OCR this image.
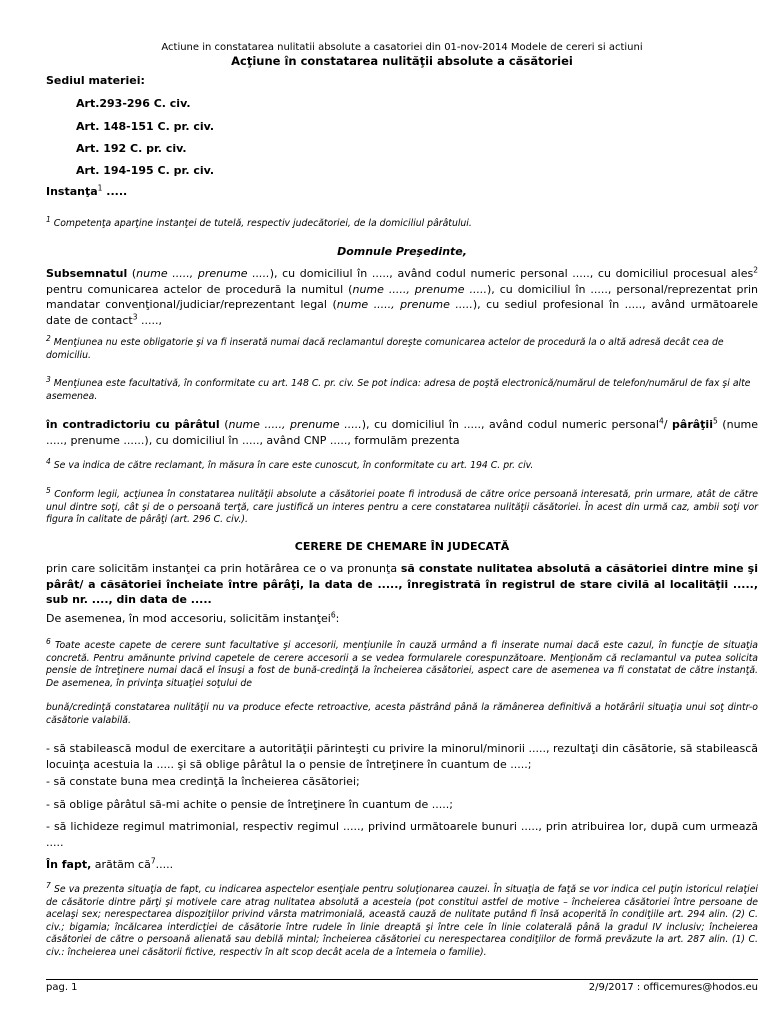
Actiune in constatarea nulitatii absolute a casatoriei din 01-nov-2014 Modele de cereri si actiuni
Acţiune în constatarea nulităţii absolute a căsătoriei
Sediul materiei:
Art.293-296 C. civ.
Art. 148-151 C. pr. civ.
Art. 192 C. pr. civ.
Art. 194-195 C. pr. civ.
Instanţa$^1$ .....
$^1$ Competenţa aparţine instanţei de tutelă, respectiv judecătoriei, de la domiciliul pârâtului.
Domnule Preşedinte,
Subsemnatul (nume ....., prenume .....), cu domiciliul în ....., având codul numeric personal ....., cu domiciliul procesual ales$^2$ pentru comunicarea actelor de procedură la numitul (nume ....., prenume .....), cu domiciliul în ....., personal/reprezentat prin mandatar convenţional/judiciar/reprezentant legal (nume ....., prenume .....), cu sediul profesional în ....., având următoarele date de contact$^3$ .....,
$^2$ Menţiunea nu este obligatorie şi va fi inserată numai dacă reclamantul doreşte comunicarea actelor de procedură la o altă adresă decât cea de domiciliu.
$^3$ Menţiunea este facultativă, în conformitate cu art. 148 C. pr. civ. Se pot indica: adresa de poştă electronică/numărul de telefon/numărul de fax şi alte asemenea.
în contradictoriu cu pârâtul (nume ....., prenume .....), cu domiciliul în ....., având codul numeric personal$^4$/ pârâţii$^5$ (nume ....., prenume ......), cu domiciliul în ....., având CNP ....., formulăm prezenta
$^4$ Se va indica de către reclamant, în măsura în care este cunoscut, în conformitate cu art. 194 C. pr. civ.
$^5$ Conform legii, acţiunea în constatarea nulităţii absolute a căsătoriei poate fi introdusă de către orice persoană interesată, prin urmare, atât de către unul dintre soţi, cât şi de o persoană terţă, care justifică un interes pentru a cere constatarea nulităţii căsătoriei. În acest din urmă caz, ambii soţi vor figura în calitate de pârâţi (art. 296 C. civ.).
CERERE DE CHEMARE ÎN JUDECATĂ
prin care solicităm instanţei ca prin hotărârea ce o va pronunţa să constate nulitatea absolută a căsătoriei dintre mine şi pârât/ a căsătoriei încheiate între pârâţi, la data de ....., înregistrată în registrul de stare civilă al localităţii ....., sub nr. ...., din data de .....
De asemenea, în mod accesoriu, solicităm instanţei$^6$:
$^6$ Toate aceste capete de cerere sunt facultative şi accesorii, menţiunile în cauză urmând a fi inserate numai dacă este cazul, în funcţie de situaţia concretă. Pentru amănunte privind capetele de cerere accesorii a se vedea formularele corespunzătoare. Menţionăm că reclamantul va putea solicita pensie de întreţinere numai dacă el însuşi a fost de bună-credinţă la încheierea căsătoriei, aspect care de asemenea va fi constatat de către instanţă. De asemenea, în privinţa situaţiei soţului de
bună/credinţă constatarea nulităţii nu va produce efecte retroactive, acesta păstrând până la rămânerea definitivă a hotărârii situaţia unui soţ dintr-o căsătorie valabilă.
- să stabilească modul de exercitare a autorităţii părinteşti cu privire la minorul/minorii ....., rezultaţi din căsătorie, să stabilească locuinţa acestuia la ..... şi să oblige pârâtul la o pensie de întreţinere în cuantum de .....;
- să constate buna mea credinţă la încheierea căsătoriei;
- să oblige pârâtul să-mi achite o pensie de întreţinere în cuantum de .....;
- să lichideze regimul matrimonial, respectiv regimul ....., privind următoarele bunuri ....., prin atribuirea lor, după cum urmează .....
În fapt, arătăm $că^7$.....
$^7$ Se va prezenta situaţia de fapt, cu indicarea aspectelor esenţiale pentru soluţionarea cauzei. În situaţia de faţă se vor indica cel puţin istoricul relaţiei de căsătorie dintre părţi şi motivele care atrag nulitatea absolută a acesteia (pot constitui astfel de motive – încheierea căsătoriei între persoane de acelaşi sex; nerespectarea dispoziţiilor privind vârsta matrimonială, această cauză de nulitate putând fi însă acoperită în condiţiile art. 294 alin. (2) C. civ.; bigamia; încălcarea interdicţiei de căsătorie între rudele în linie dreaptă şi între cele în linie colaterală până la gradul IV inclusiv; încheierea căsătoriei de către o persoană alienată sau debilă mintal; încheierea căsătoriei cu nerespectarea condiţiilor de formă prevăzute la art. 287 alin. (1) C. civ.: încheierea unei căsătorii fictive, respectiv în alt scop decât acela de a întemeia o familie).
pag. 1	2/9/2017 : officemures@hodos.eu
